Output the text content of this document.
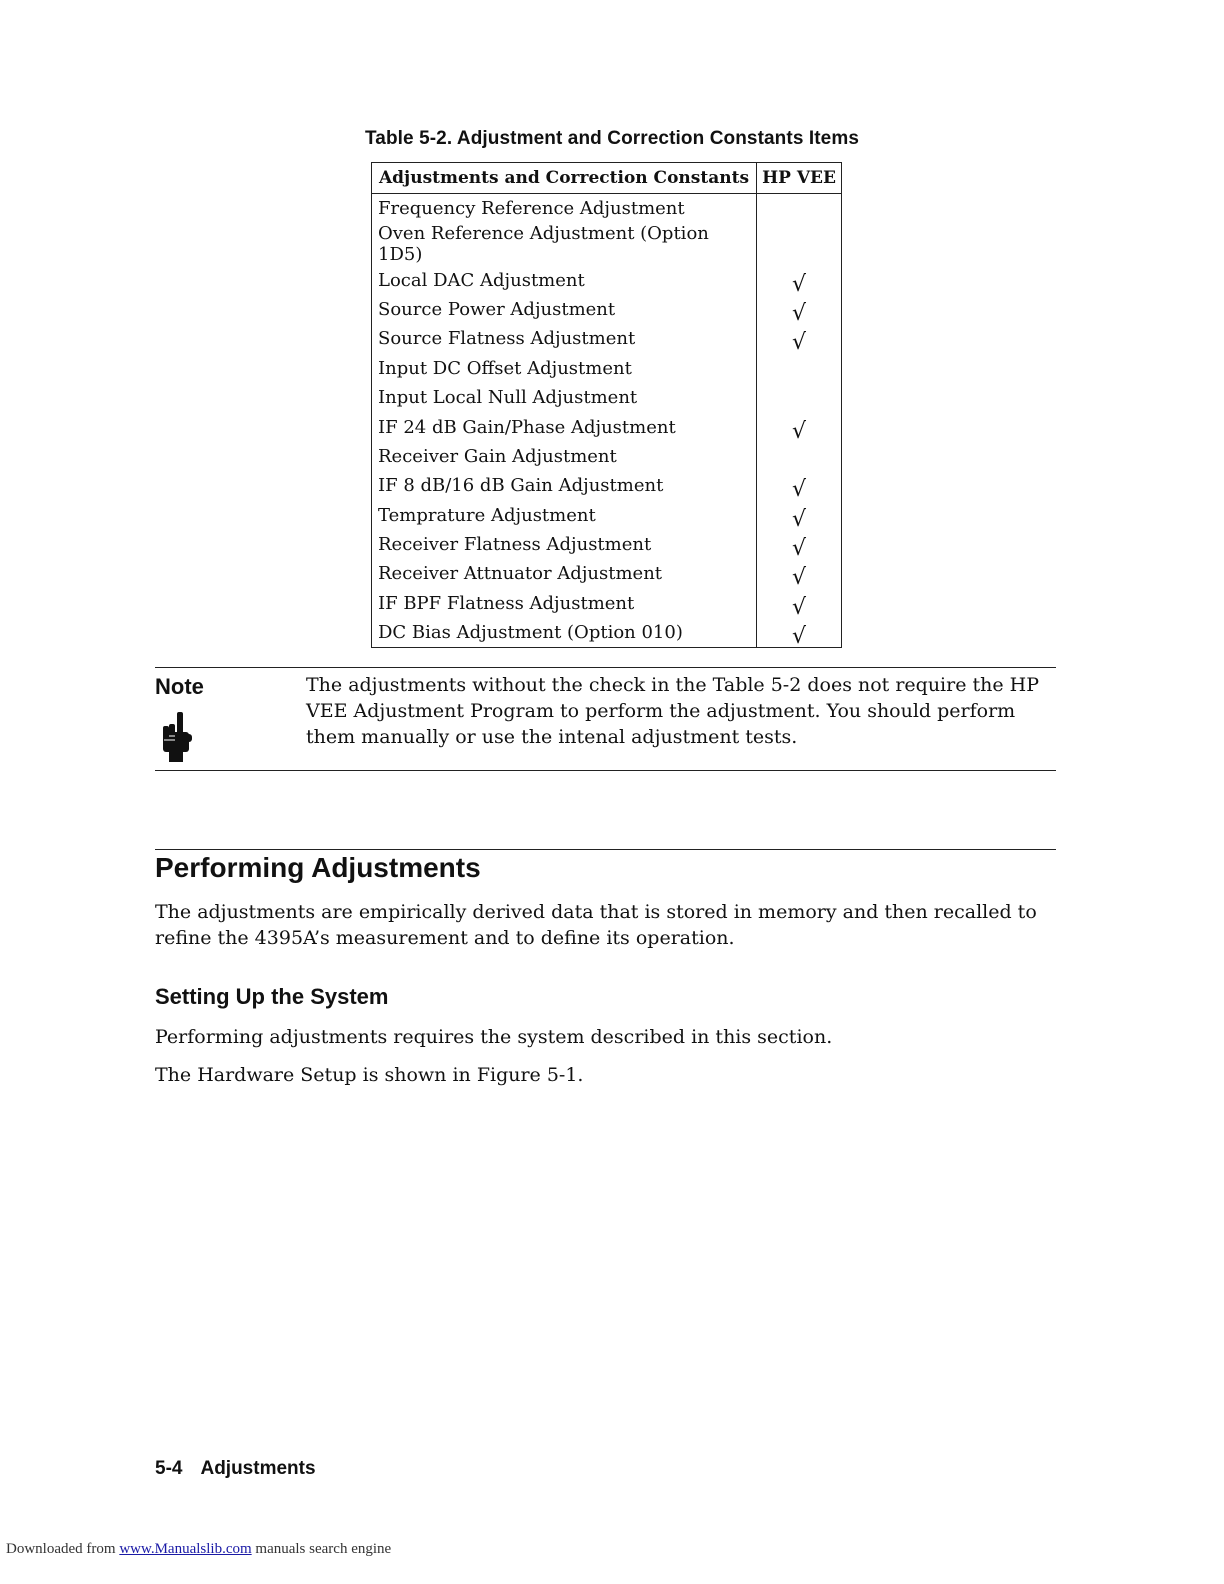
Table 5-2. Adjustment and Correction Constants Items
Adjustments and Correction Constants	HP VEE
Frequency Reference Adjustment	
Oven Reference Adjustment (Option 1D5)	
Local DAC Adjustment	√
Source Power Adjustment	√
Source Flatness Adjustment	√
Input DC Offset Adjustment	
Input Local Null Adjustment	
IF 24 dB Gain/Phase Adjustment	√
Receiver Gain Adjustment	
IF 8 dB/16 dB Gain Adjustment	√
Temprature Adjustment	√
Receiver Flatness Adjustment	√
Receiver Attnuator Adjustment	√
IF BPF Flatness Adjustment	√
DC Bias Adjustment (Option 010)	√
Note	The adjustments without the check in the Table 5-2 does not require the HP VEE Adjustment Program to perform the adjustment. You should perform them manually or use the intenal adjustment tests.
Performing Adjustments

The adjustments are empirically derived data that is stored in memory and then recalled to refine the 4395A’s measurement and to define its operation.

Setting Up the System

Performing adjustments requires the system described in this section.

The Hardware Setup is shown in Figure 5-1.

5-4 Adjustments
Downloaded from www.Manualslib.com manuals search engine
